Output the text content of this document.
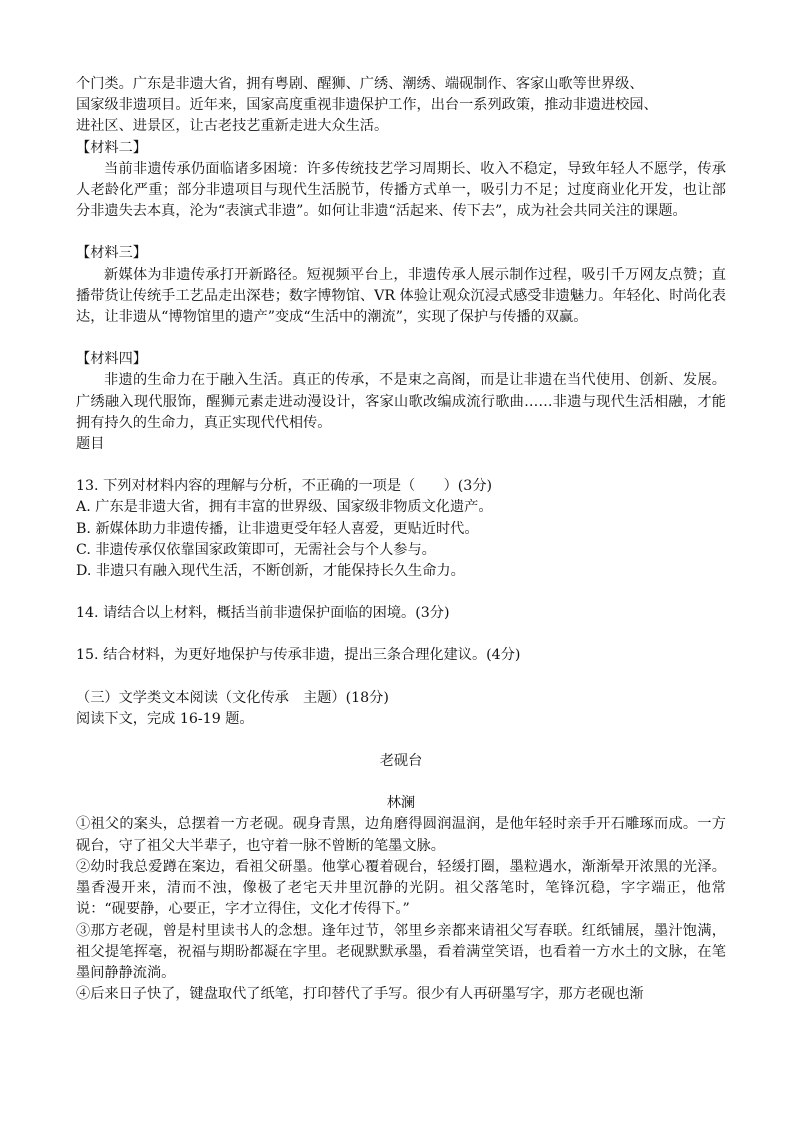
个门类。广东是非遗大省，拥有粤剧、醒狮、广绣、潮绣、端砚制作、客家山歌等世界级、

国家级非遗项目。近年来，国家高度重视非遗保护工作，出台一系列政策，推动非遗进校园、

进社区、进景区，让古老技艺重新走进大众生活。

【材料二】

当前非遗传承仍面临诸多困境：许多传统技艺学习周期长、收入不稳定，导致年轻人不愿学，传承人老龄化严重；部分非遗项目与现代生活脱节，传播方式单一，吸引力不足；过度商业化开发，也让部分非遗失去本真，沦为“表演式非遗”。如何让非遗“活起来、传下去”，成为社会共同关注的课题。

【材料三】

新媒体为非遗传承打开新路径。短视频平台上，非遗传承人展示制作过程，吸引千万网友点赞；直播带货让传统手工艺品走出深巷；数字博物馆、VR 体验让观众沉浸式感受非遗魅力。年轻化、时尚化表达，让非遗从“博物馆里的遗产”变成“生活中的潮流”，实现了保护与传播的双赢。

【材料四】

非遗的生命力在于融入生活。真正的传承，不是束之高阁，而是让非遗在当代使用、创新、发展。广绣融入现代服饰，醒狮元素走进动漫设计，客家山歌改编成流行歌曲……非遗与现代生活相融，才能拥有持久的生命力，真正实现代代相传。

题目

13. 下列对材料内容的理解与分析，不正确的一项是（　　）(3分)

A. 广东是非遗大省，拥有丰富的世界级、国家级非物质文化遗产。

B. 新媒体助力非遗传播，让非遗更受年轻人喜爱，更贴近时代。

C. 非遗传承仅依靠国家政策即可，无需社会与个人参与。

D. 非遗只有融入现代生活，不断创新，才能保持长久生命力。

14. 请结合以上材料，概括当前非遗保护面临的困境。(3分)

15. 结合材料，为更好地保护与传承非遗，提出三条合理化建议。(4分)

（三）文学类文本阅读（文化传承　主题）(18分)

阅读下文，完成 16-19 题。

老砚台

林澜

①祖父的案头，总摆着一方老砚。砚身青黑，边角磨得圆润温润，是他年轻时亲手开石雕琢而成。一方砚台，守了祖父大半辈子，也守着一脉不曾断的笔墨文脉。

②幼时我总爱蹲在案边，看祖父研墨。他掌心覆着砚台，轻缓打圈，墨粒遇水，渐渐晕开浓黑的光泽。墨香漫开来，清而不浊，像极了老宅天井里沉静的光阴。祖父落笔时，笔锋沉稳，字字端正，他常说：“砚要静，心要正，字才立得住，文化才传得下。”

③那方老砚，曾是村里读书人的念想。逢年过节，邻里乡亲都来请祖父写春联。红纸铺展，墨汁饱满，祖父提笔挥毫，祝福与期盼都凝在字里。老砚默默承墨，看着满堂笑语，也看着一方水土的文脉，在笔墨间静静流淌。

④后来日子快了，键盘取代了纸笔，打印替代了手写。很少有人再研墨写字，那方老砚也渐
